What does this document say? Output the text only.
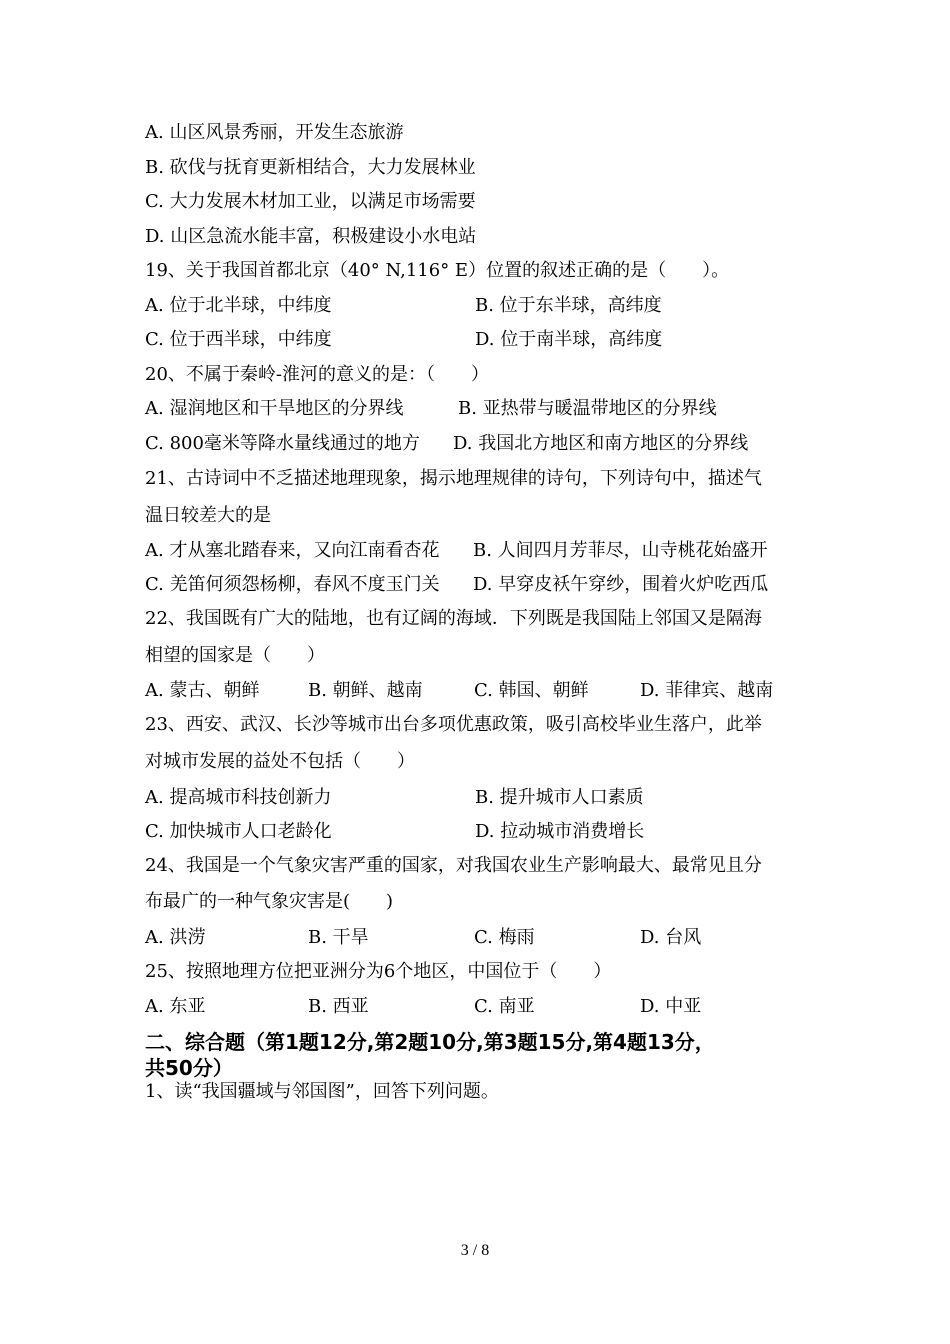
A. 山区风景秀丽，开发生态旅游
B. 砍伐与抚育更新相结合，大力发展林业
C. 大力发展木材加工业，以满足市场需要
D. 山区急流水能丰富，积极建设小水电站
19、关于我国首都北京（40° N,116° E）位置的叙述正确的是（　　）。
A. 位于北半球，中纬度	B. 位于东半球，高纬度
C. 位于西半球，中纬度	D. 位于南半球，高纬度
20、不属于秦岭-淮河的意义的是：（　　）
A. 湿润地区和干旱地区的分界线	B. 亚热带与暖温带地区的分界线
C. 800毫米等降水量线通过的地方 D. 我国北方地区和南方地区的分界线
21、古诗词中不乏描述地理现象，揭示地理规律的诗句，下列诗句中，描述气
温日较差大的是
A. 才从塞北踏春来，又向江南看杏花 B. 人间四月芳菲尽，山寺桃花始盛开
C. 羌笛何须怨杨柳，春风不度玉门关 D. 早穿皮袄午穿纱，围着火炉吃西瓜
22、我国既有广大的陆地，也有辽阔的海域．下列既是我国陆上邻国又是隔海
相望的国家是（　　）
A. 蒙古、朝鲜	B. 朝鲜、越南	C. 韩国、朝鲜	D. 菲律宾、越南
23、西安、武汉、长沙等城市出台多项优惠政策，吸引高校毕业生落户，此举
对城市发展的益处不包括（　　）
A. 提高城市科技创新力	B. 提升城市人口素质
C. 加快城市人口老龄化	D. 拉动城市消费增长
24、我国是一个气象灾害严重的国家，对我国农业生产影响最大、最常见且分
布最广的一种气象灾害是(　　)
A. 洪涝	B. 干旱	C. 梅雨	D. 台风
25、按照地理方位把亚洲分为6个地区，中国位于（　　）
A. 东亚	B. 西亚	C. 南亚	D. 中亚
二、综合题（第1题12分,第2题10分,第3题15分,第4题13分，
共50分）
1、读“我国疆域与邻国图”，回答下列问题。
3 / 8
